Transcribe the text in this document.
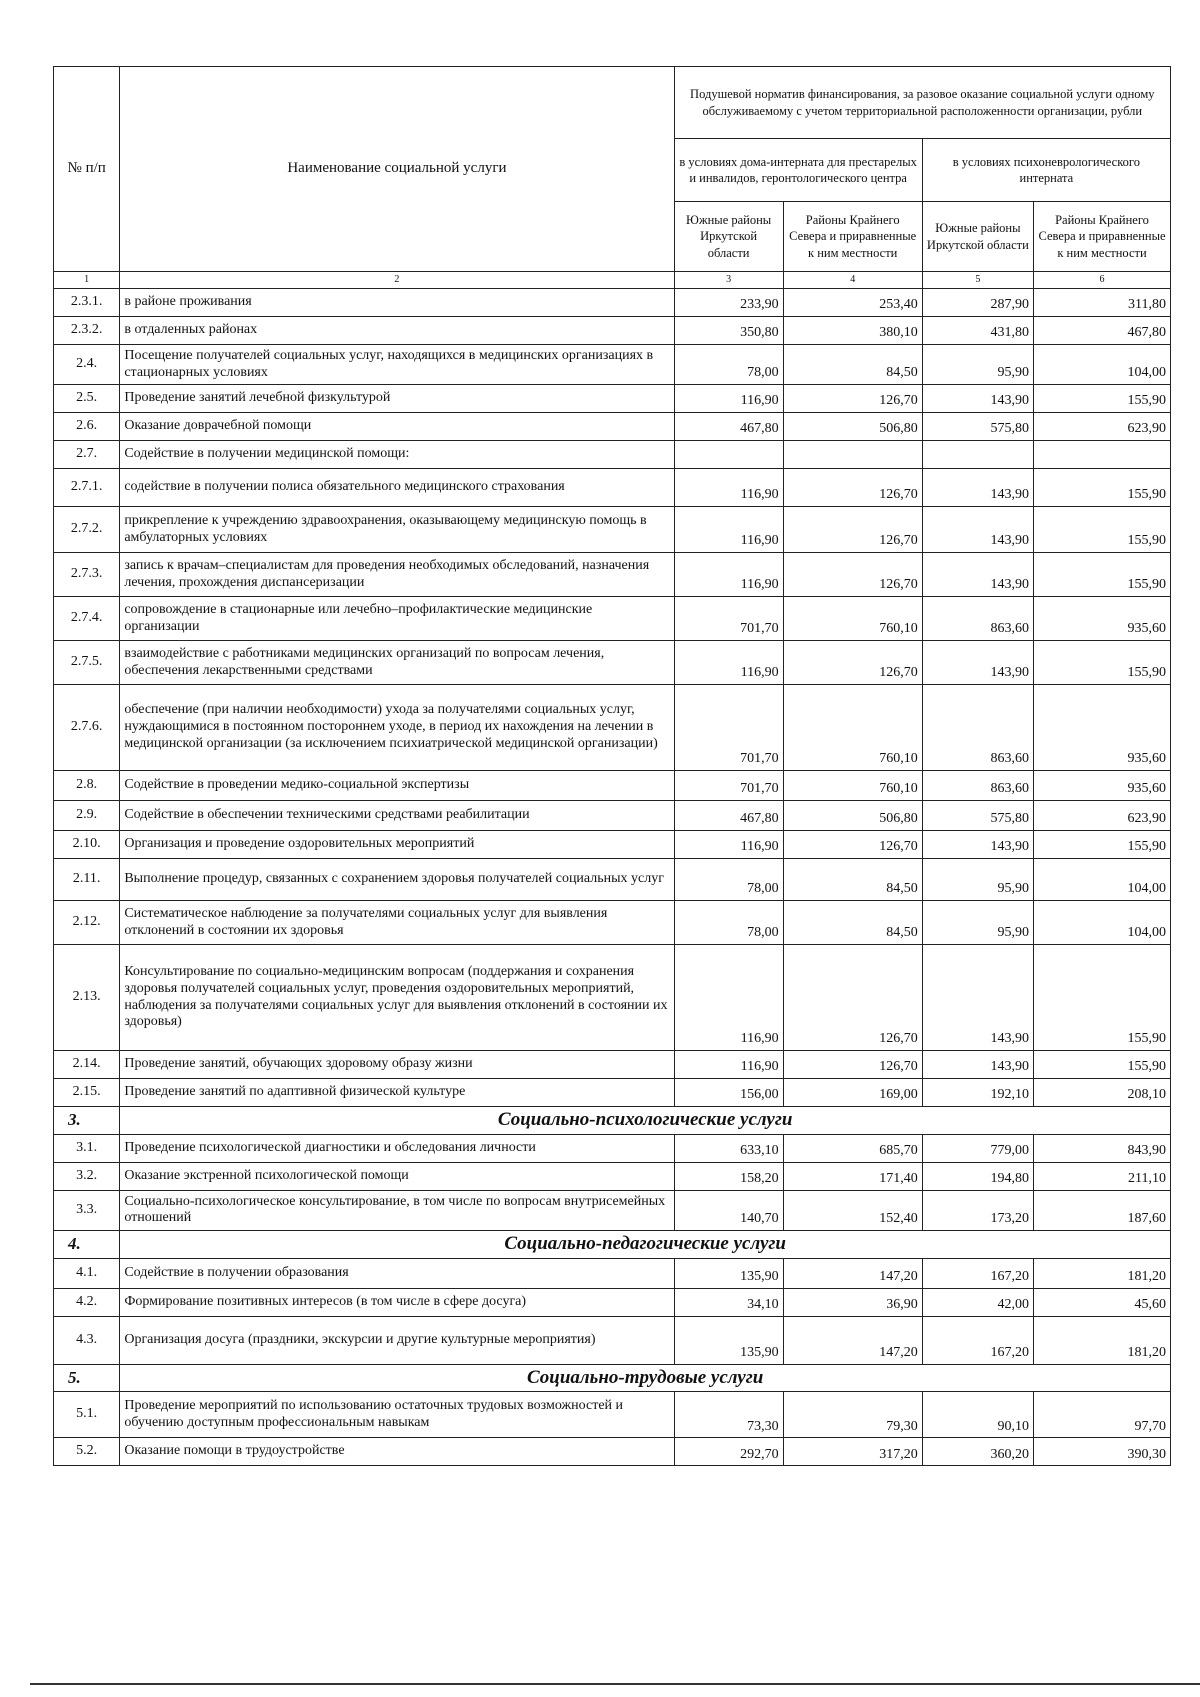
№ п/п	Наименование социальной услуги	Подушевой норматив финансирования, за разовое оказание социальной услуги одному обслуживаемому с учетом территориальной расположенности организации, рубли			
		в условиях дома-интерната для престарелых и инвалидов, геронтологического центра		в условиях психоневрологического интерната	
		Южные районы Иркутской области	Районы Крайнего Севера и приравненные к ним местности	Южные районы Иркутской области	Районы Крайнего Севера и приравненные к ним местности
1	2	3	4	5	6
2.3.1.	в районе проживания	233,90	253,40	287,90	311,80
2.3.2.	в отдаленных районах	350,80	380,10	431,80	467,80
2.4.	Посещение получателей социальных услуг, находящихся в медицинских организациях в стационарных условиях	78,00	84,50	95,90	104,00
2.5.	Проведение занятий лечебной физкультурой	116,90	126,70	143,90	155,90
2.6.	Оказание доврачебной помощи	467,80	506,80	575,80	623,90
2.7.	Содействие в получении медицинской помощи:				
2.7.1.	содействие в получении полиса обязательного медицинского страхования	116,90	126,70	143,90	155,90
2.7.2.	прикрепление к учреждению здравоохранения, оказывающему медицинскую помощь в амбулаторных условиях	116,90	126,70	143,90	155,90
2.7.3.	запись к врачам–специалистам для проведения необходимых обследований, назначения лечения, прохождения диспансеризации	116,90	126,70	143,90	155,90
2.7.4.	сопровождение в стационарные или лечебно–профилактические медицинские организации	701,70	760,10	863,60	935,60
2.7.5.	взаимодействие с работниками медицинских организаций по вопросам лечения, обеспечения лекарственными средствами	116,90	126,70	143,90	155,90
2.7.6.	обеспечение (при наличии необходимости) ухода за получателями социальных услуг, нуждающимися в постоянном постороннем уходе, в период их нахождения на лечении в медицинской организации (за исключением психиатрической медицинской организации)	701,70	760,10	863,60	935,60
2.8.	Содействие в проведении медико-социальной экспертизы	701,70	760,10	863,60	935,60
2.9.	Содействие в обеспечении техническими средствами реабилитации	467,80	506,80	575,80	623,90
2.10.	Организация и проведение оздоровительных мероприятий	116,90	126,70	143,90	155,90
2.11.	Выполнение процедур, связанных с сохранением здоровья получателей социальных услуг	78,00	84,50	95,90	104,00
2.12.	Систематическое наблюдение за получателями социальных услуг для выявления отклонений в состоянии их здоровья	78,00	84,50	95,90	104,00
2.13.	Консультирование по социально-медицинским вопросам (поддержания и сохранения здоровья получателей социальных услуг, проведения оздоровительных мероприятий, наблюдения за получателями социальных услуг для выявления отклонений в состоянии их здоровья)	116,90	126,70	143,90	155,90
2.14.	Проведение занятий, обучающих здоровому образу жизни	116,90	126,70	143,90	155,90
2.15.	Проведение занятий по адаптивной физической культуре	156,00	169,00	192,10	208,10
3.	Социально-психологические услуги				
3.1.	Проведение психологической диагностики и обследования личности	633,10	685,70	779,00	843,90
3.2.	Оказание экстренной психологической помощи	158,20	171,40	194,80	211,10
3.3.	Социально-психологическое консультирование, в том числе по вопросам внутрисемейных отношений	140,70	152,40	173,20	187,60
4.	Социально-педагогические услуги				
4.1.	Содействие в получении образования	135,90	147,20	167,20	181,20
4.2.	Формирование позитивных интересов (в том числе в сфере досуга)	34,10	36,90	42,00	45,60
4.3.	Организация досуга (праздники, экскурсии и другие культурные мероприятия)	135,90	147,20	167,20	181,20
5.	Социально-трудовые услуги				
5.1.	Проведение мероприятий по использованию остаточных трудовых возможностей и обучению доступным профессиональным навыкам	73,30	79,30	90,10	97,70
5.2.	Оказание помощи в трудоустройстве	292,70	317,20	360,20	390,30
